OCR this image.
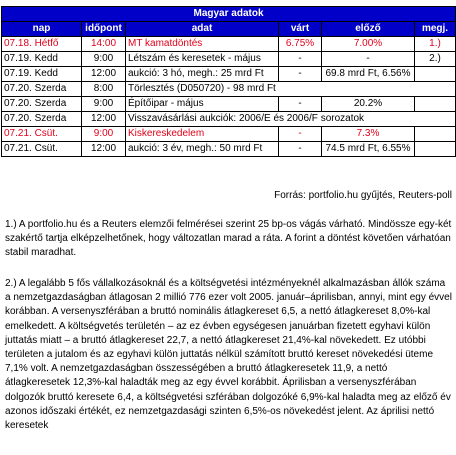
Magyar adatok						
nap	időpont	adat	várt	előző	megj.	
07.18. Hétfő	14:00	MT kamatdöntés	6.75%	7.00%	1.)	
07.19. Kedd	9:00	Létszám és keresetek - május	-	-	2.)	
07.19. Kedd	12:00	aukció: 3 hó, megh.: 25 mrd Ft	-	69.8 mrd Ft, 6.56%		
07.20. Szerda	8:00	Törlesztés (D050720) - 98 mrd Ft				
07.20. Szerda	9:00	Építőipar - május	-	20.2%		
07.20. Szerda	12:00	Visszavásárlási aukciók: 2006/E és 2006/F sorozatok				
07.21. Csüt.	9:00	Kiskereskedelem	-	7.3%		
07.21. Csüt.	12:00	aukció: 3 év, megh.: 50 mrd Ft	-	74.5 mrd Ft, 6.55%		
Forrás: portfolio.hu gyűjtés, Reuters-poll

1.) A portfolio.hu és a Reuters elemzői felmérései szerint 25 bp-os vágás várható. Mindössze egy-két szakértő tartja elképzelhetőnek, hogy változatlan marad a ráta. A forint a döntést követően várhatóan stabil maradhat.

2.) A legalább 5 fős vállalkozásoknál és a költségvetési intézményeknél alkalmazásban állók száma a nemzetgazdaságban átlagosan 2 millió 776 ezer volt 2005. január–áprilisban, annyi, mint egy évvel korábban. A versenyszférában a bruttó nominális átlagkereset 6,5, a nettó átlagkereset 8,0%-kal emelkedett. A költségvetés területén – az ez évben egységesen januárban fizetett egyhavi külön juttatás miatt – a bruttó átlagkereset 22,7, a nettó átlagkereset 21,4%-kal növekedett. Ez utóbbi területen a jutalom és az egyhavi külön juttatás nélkül számított bruttó kereset növekedési üteme 7,1% volt. A nemzetgazdaságban összességében a bruttó átlagkeresetek 11,9, a nettó átlagkeresetek 12,3%-kal haladták meg az egy évvel korábbit. Áprilisban a versenyszférában dolgozók bruttó keresete 6,4, a költségvetési szférában dolgozóké 6,9%-kal haladta meg az előző év azonos időszaki értékét, ez nemzetgazdasági szinten 6,5%-os növekedést jelent. Az áprilisi nettó keresetek
